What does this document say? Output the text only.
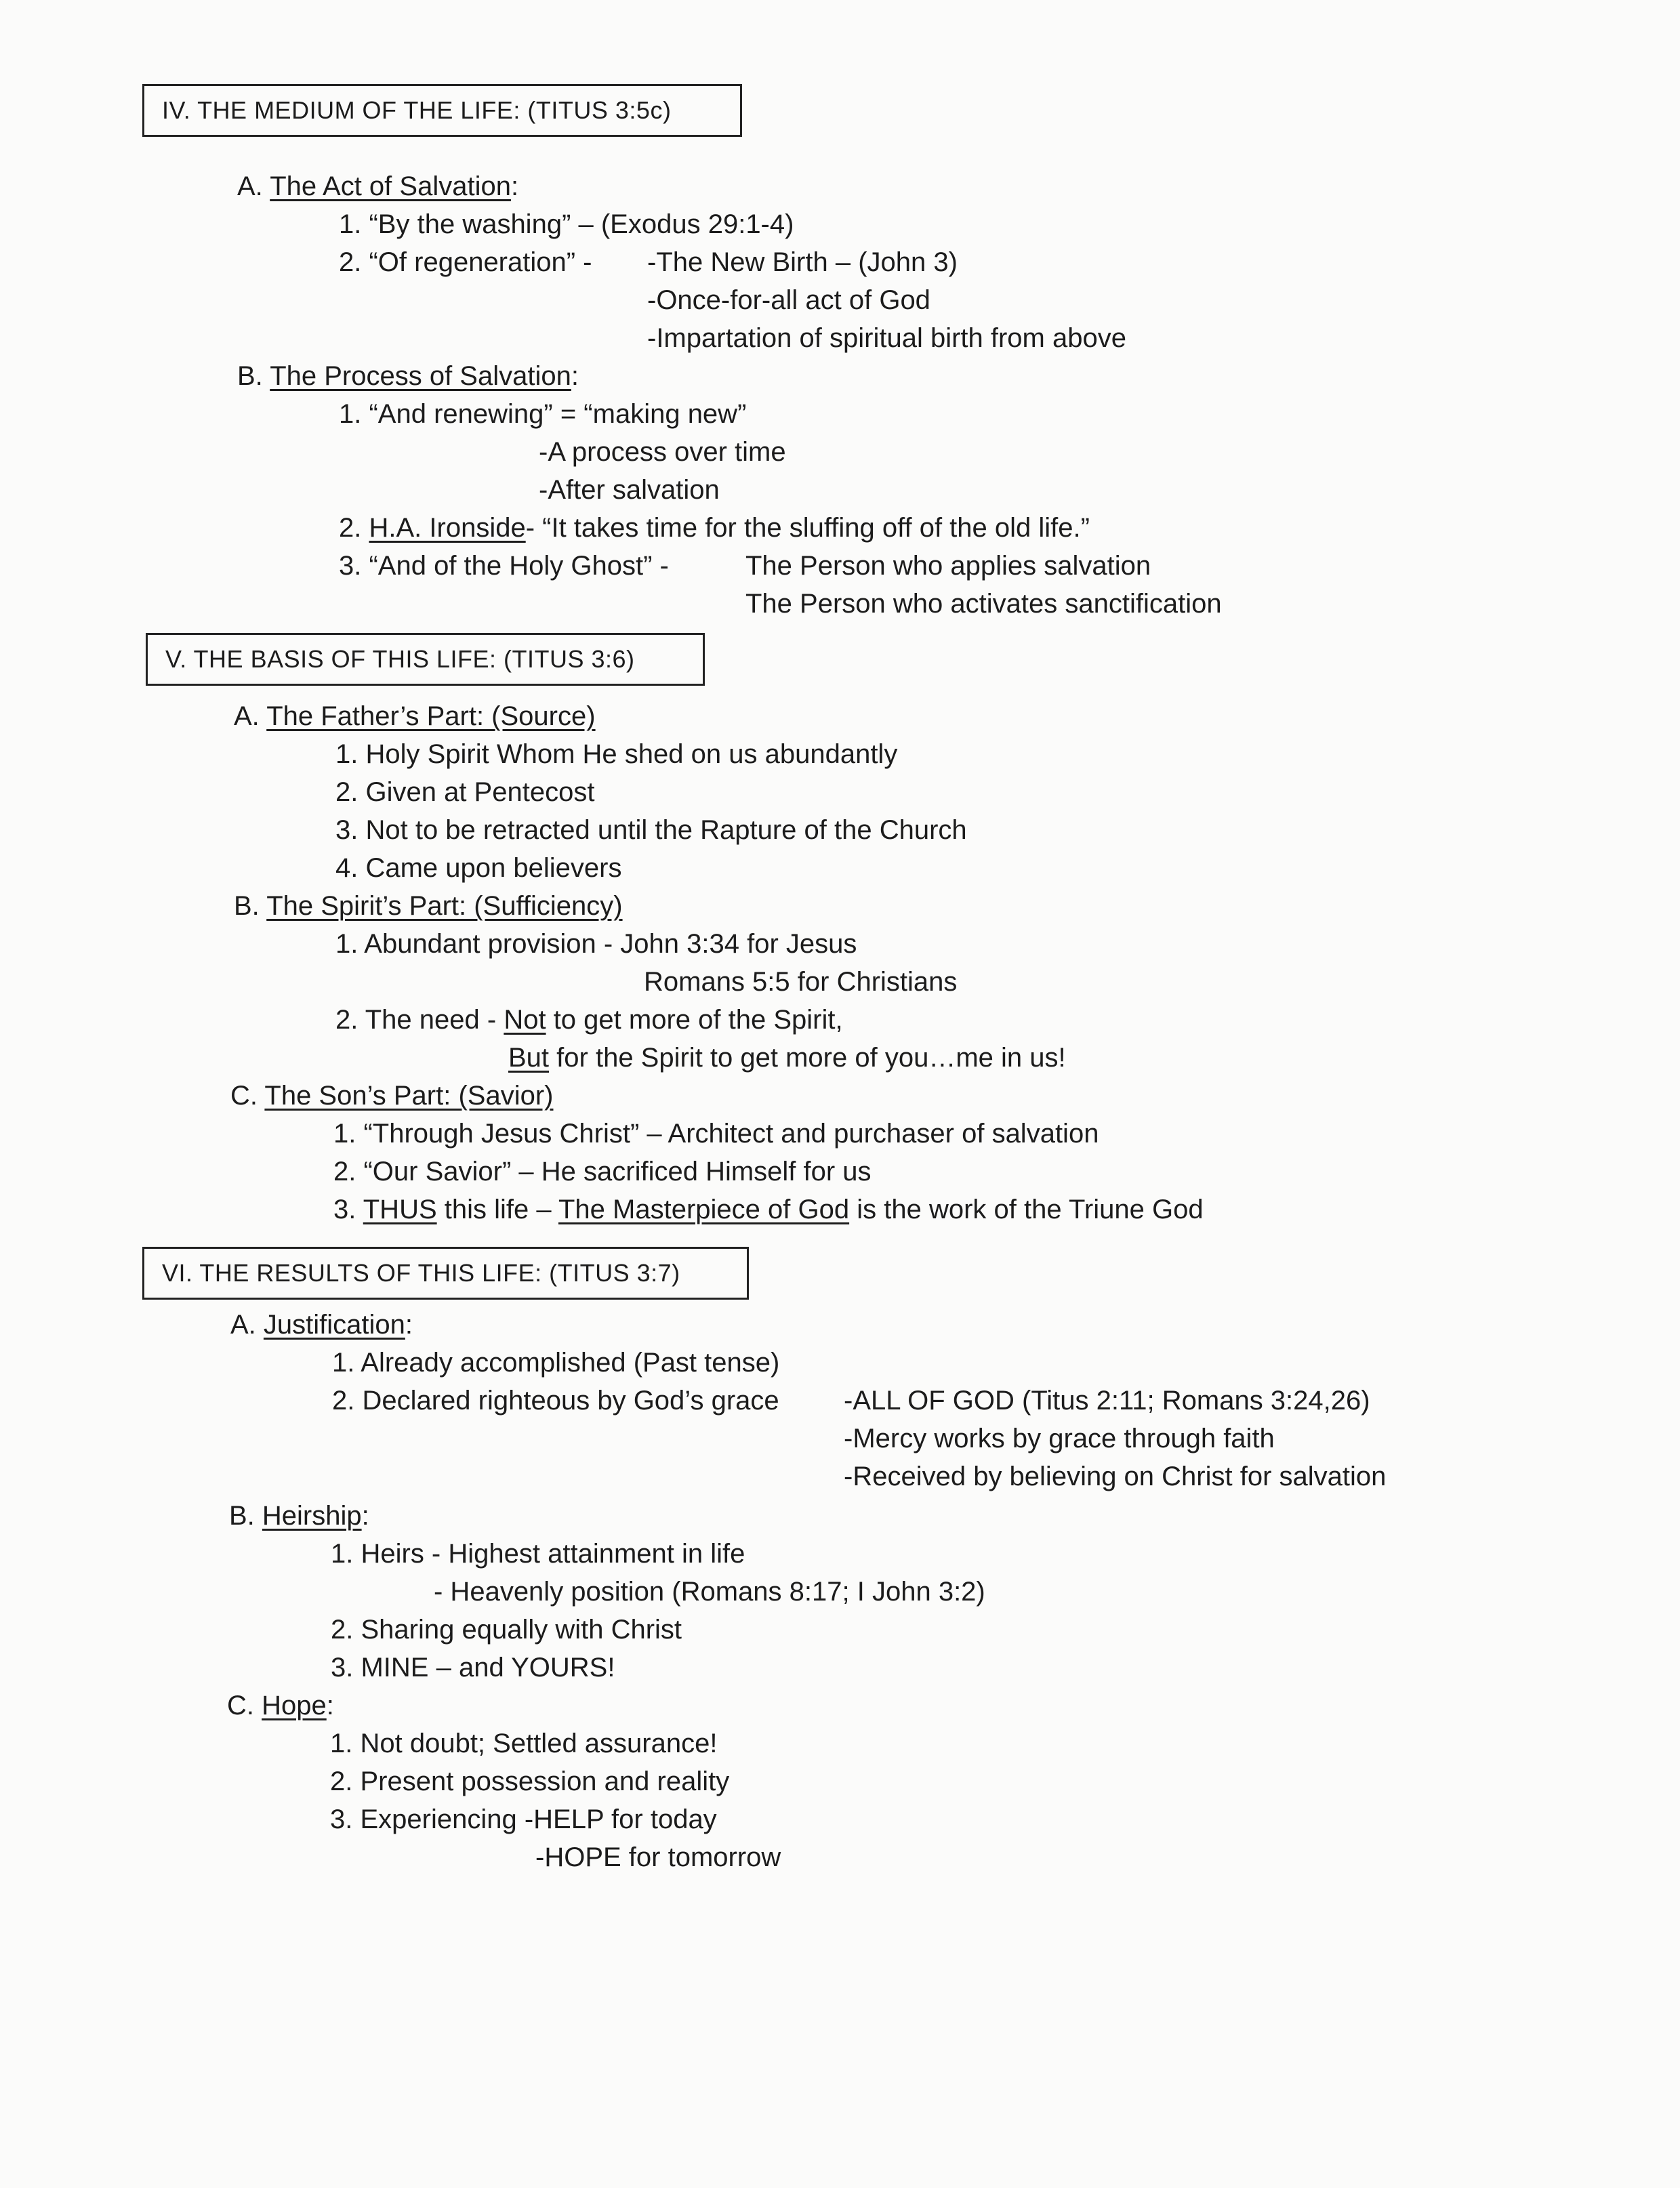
IV. THE MEDIUM OF THE LIFE: (TITUS 3:5c)
A. The Act of Salvation:
1. “By the washing” – (Exodus 29:1-4)
2. “Of regeneration” - -The New Birth – (John 3)
-Once-for-all act of God
-Impartation of spiritual birth from above
B. The Process of Salvation:
1. “And renewing” = “making new”
-A process over time
-After salvation
2. H.A. Ironside- “It takes time for the sluffing off of the old life.”
3. “And of the Holy Ghost” -	The Person who applies salvation
The Person who activates sanctification
V. THE BASIS OF THIS LIFE: (TITUS 3:6)
A. The Father’s Part: (Source)
1. Holy Spirit Whom He shed on us abundantly
2. Given at Pentecost
3. Not to be retracted until the Rapture of the Church
4. Came upon believers
B. The Spirit’s Part: (Sufficiency)
1. Abundant provision - John 3:34 for Jesus
Romans 5:5 for Christians
2. The need - Not to get more of the Spirit,
But for the Spirit to get more of you…me in us!
C. The Son’s Part: (Savior)
1. “Through Jesus Christ” – Architect and purchaser of salvation
2. “Our Savior” – He sacrificed Himself for us
3. THUS this life – The Masterpiece of God is the work of the Triune God
VI. THE RESULTS OF THIS LIFE: (TITUS 3:7)
A. Justification:
1. Already accomplished (Past tense)
2. Declared righteous by God’s grace -ALL OF GOD (Titus 2:11; Romans 3:24,26)
-Mercy works by grace through faith
-Received by believing on Christ for salvation
B. Heirship:
1. Heirs - Highest attainment in life
- Heavenly position (Romans 8:17; I John 3:2)
2. Sharing equally with Christ
3. MINE – and YOURS!
C. Hope:
1. Not doubt; Settled assurance!
2. Present possession and reality
3. Experiencing -HELP for today
-HOPE for tomorrow
